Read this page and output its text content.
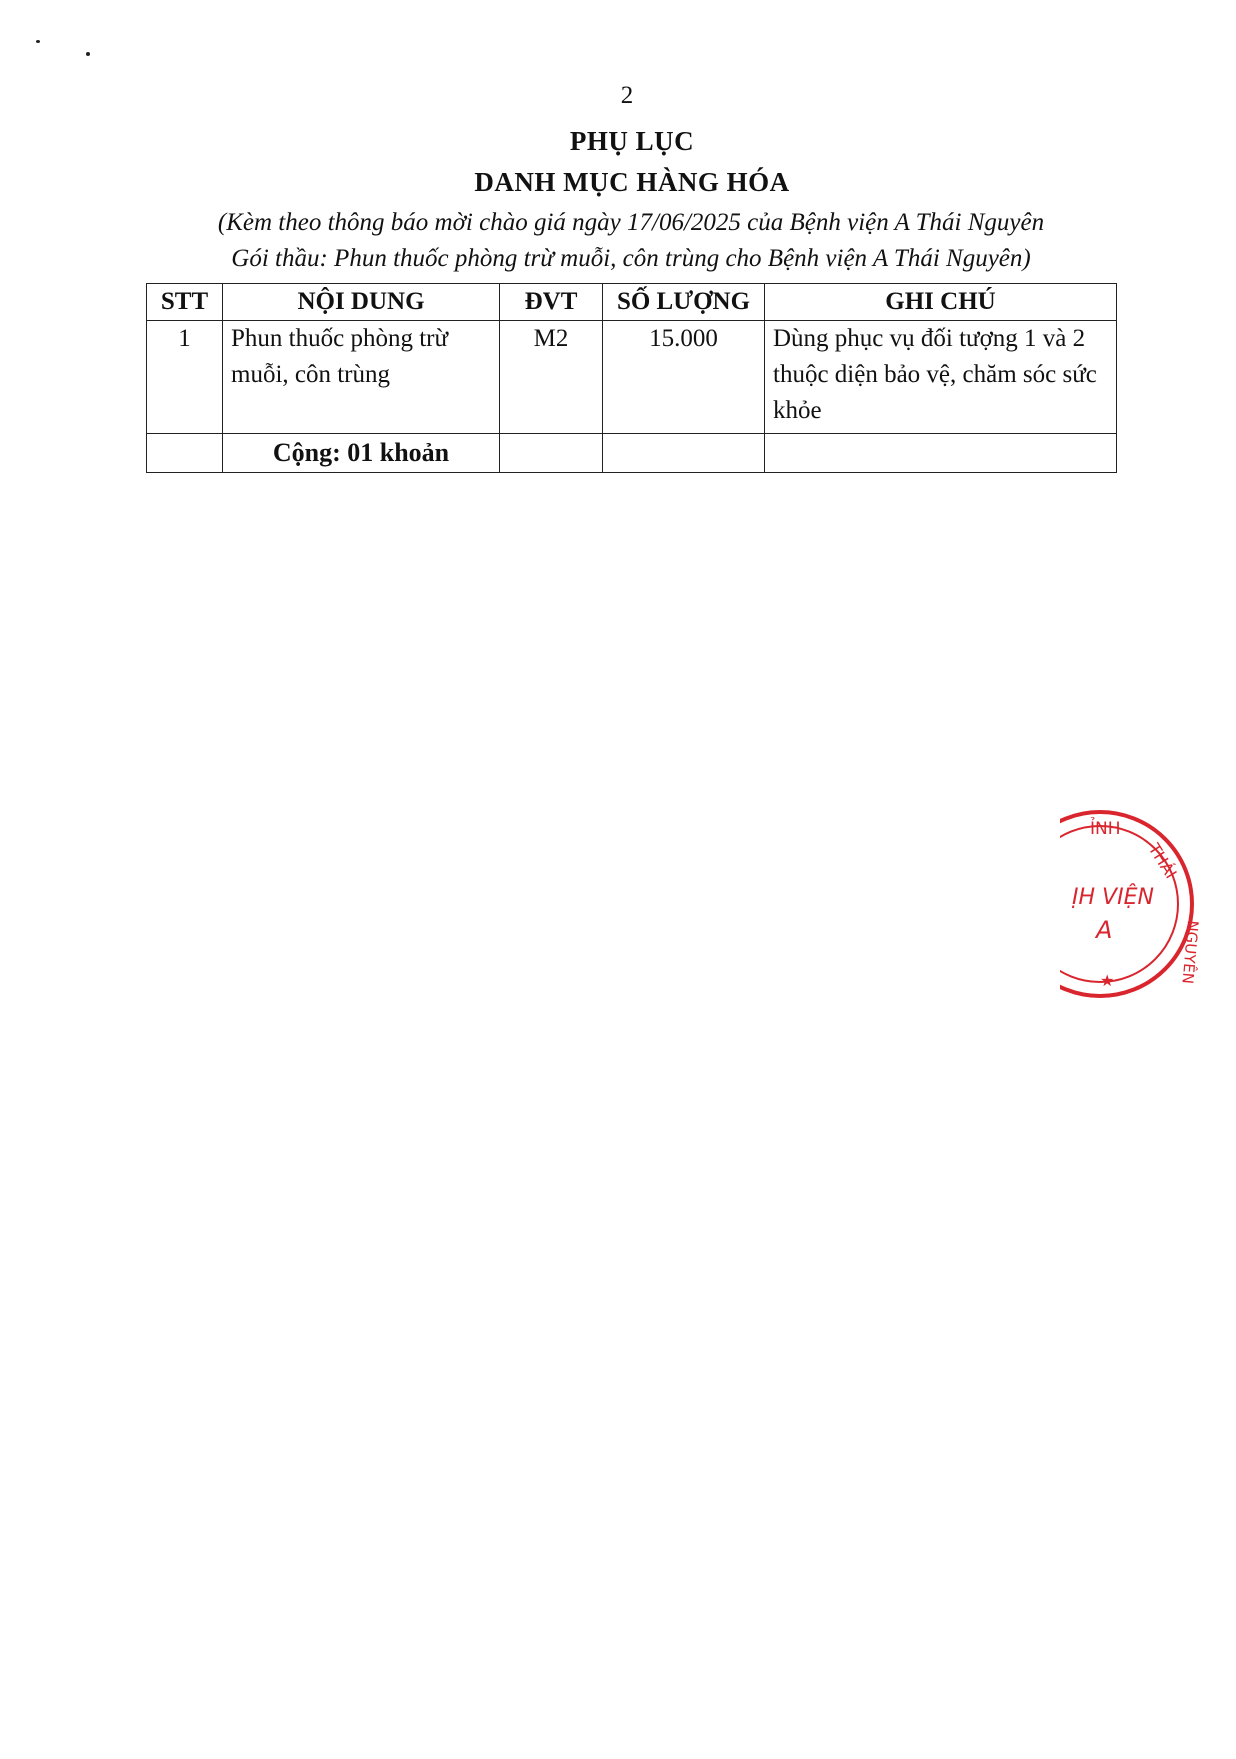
2
PHỤ LỤC
DANH MỤC HÀNG HÓA
(Kèm theo thông báo mời chào giá ngày 17/06/2025 của Bệnh viện A Thái Nguyên
Gói thầu: Phun thuốc phòng trừ muỗi, côn trùng cho Bệnh viện A Thái Nguyên)
STT	NỘI DUNG	ĐVT	SỐ LƯỢNG	GHI CHÚ
1	Phun thuốc phòng trừ muỗi, côn trùng	M2	15.000	Dùng phục vụ đối tượng 1 và 2 thuộc diện bảo vệ, chăm sóc sức khỏe
	Cộng: 01 khoản			
ỈNH
THÁI
NGUYÊN
ỊH VIỆN
A
★
